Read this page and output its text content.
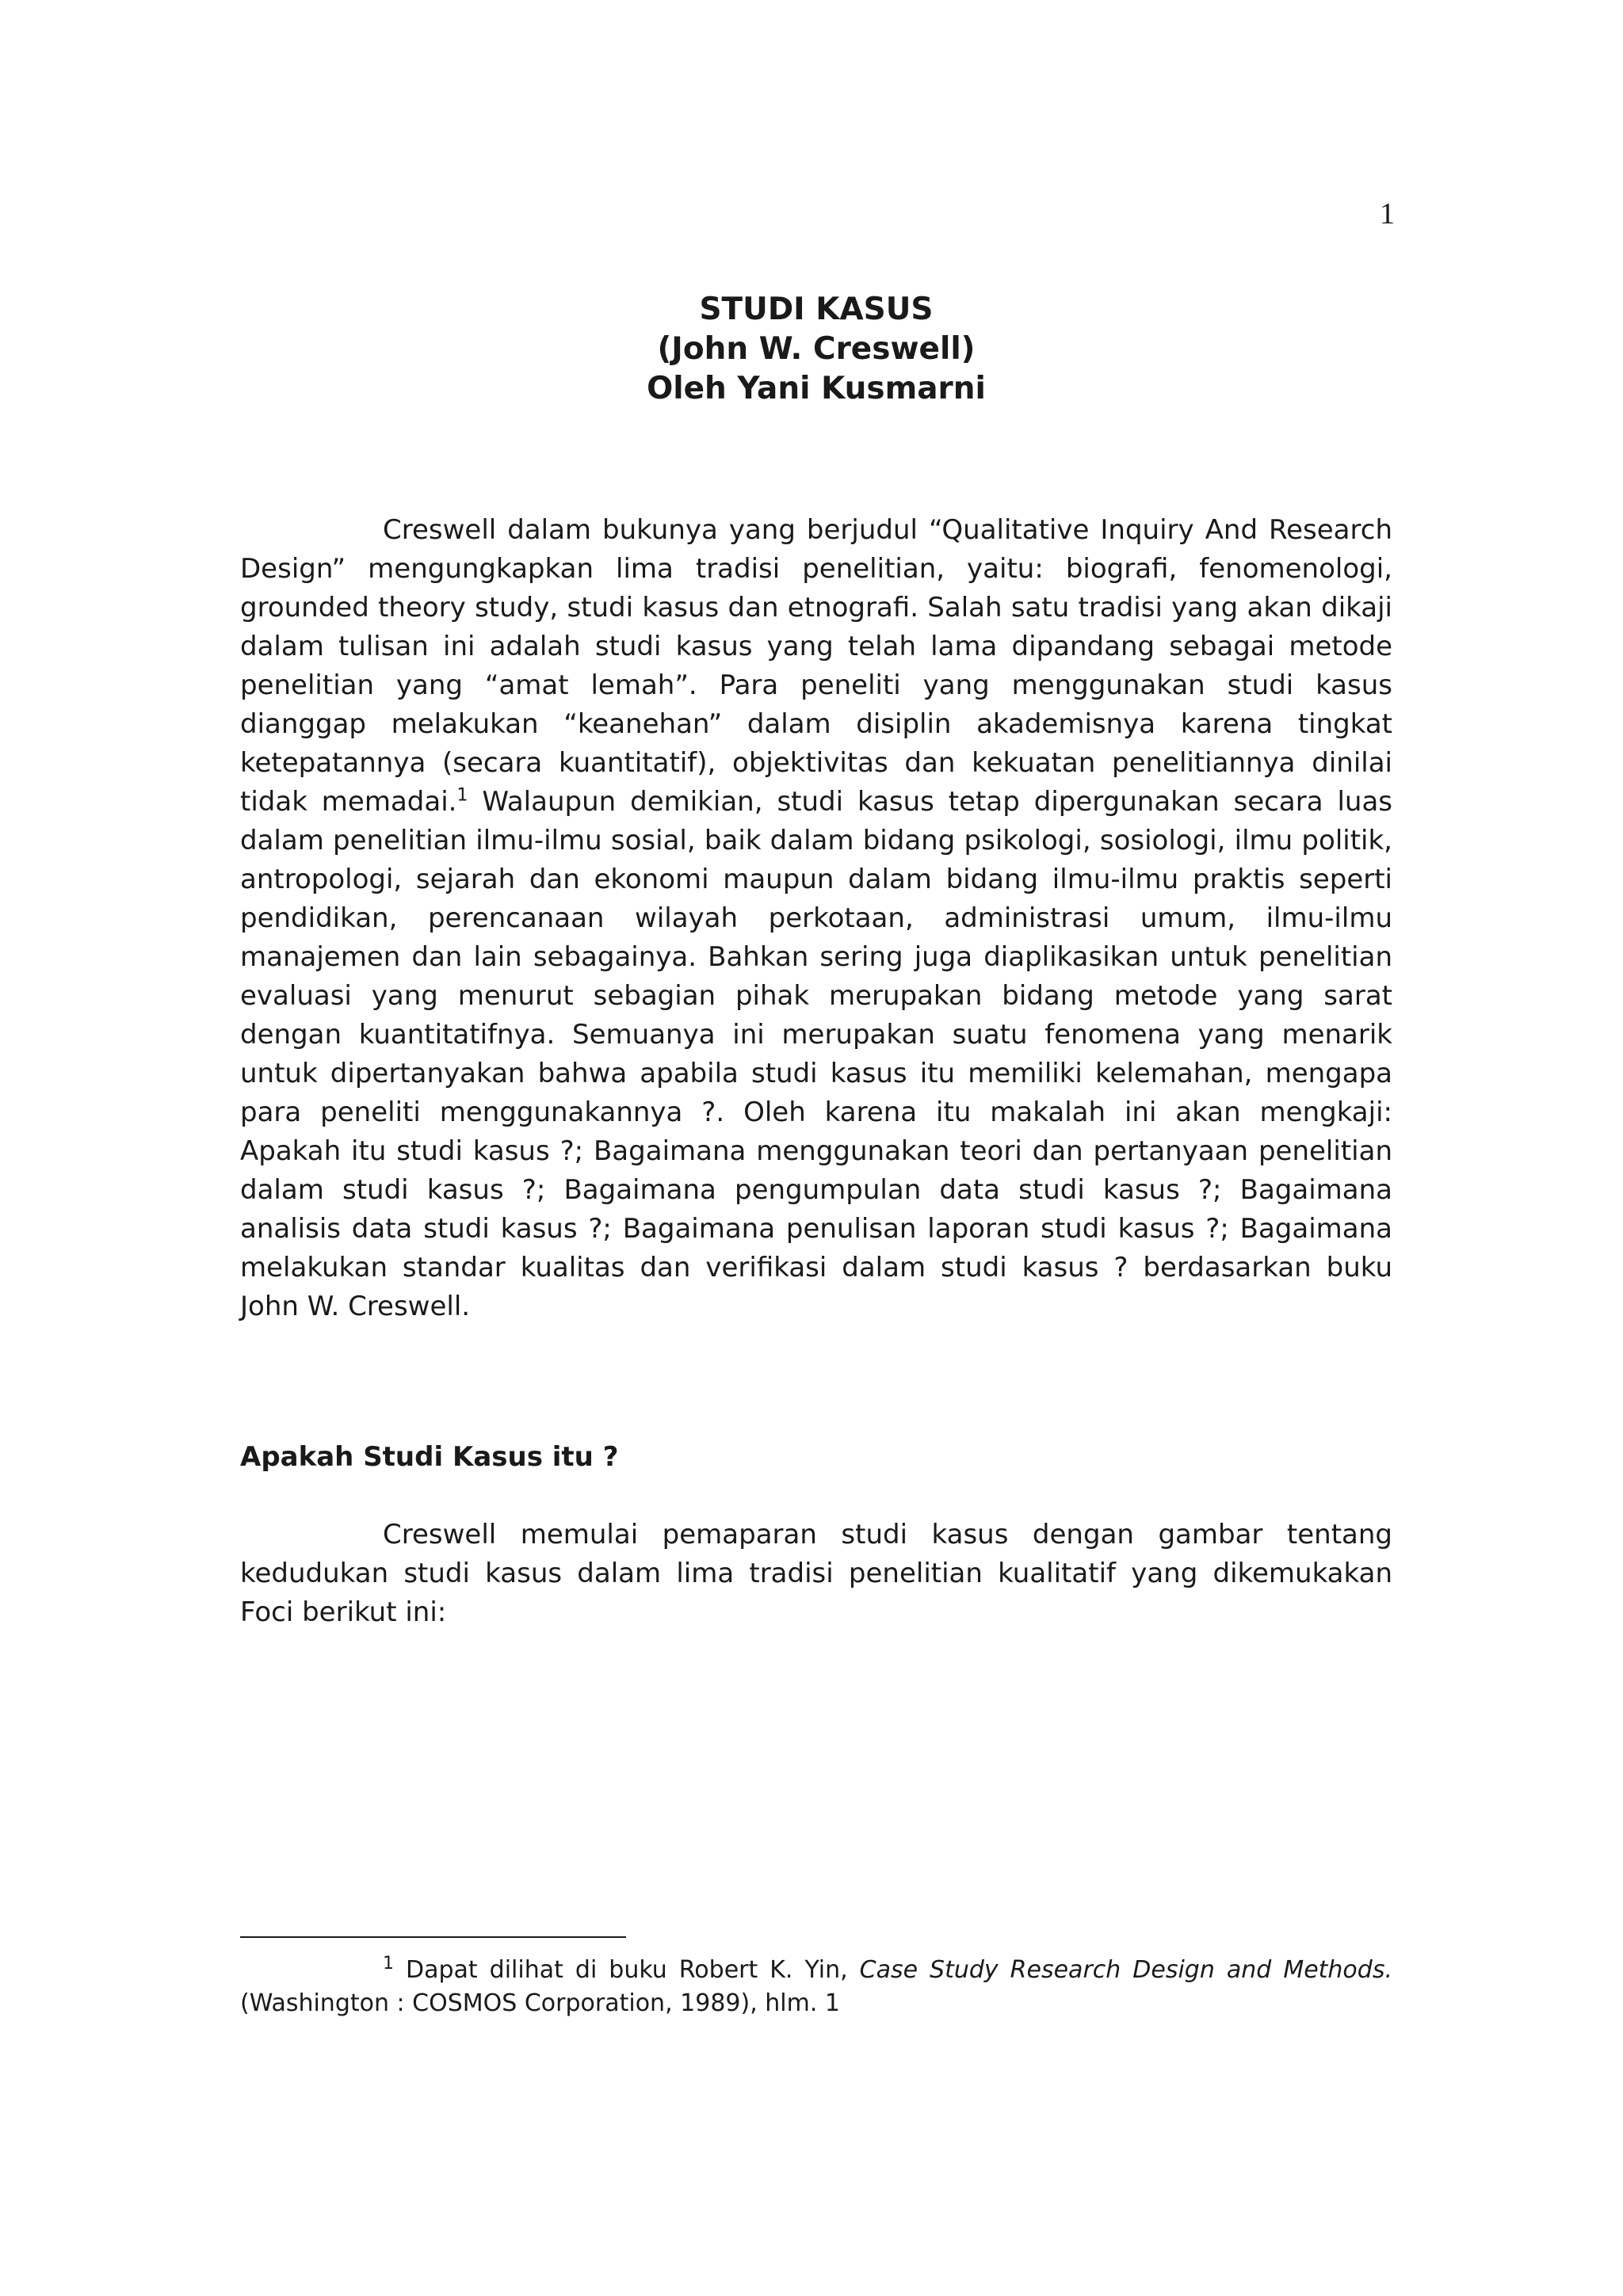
1
STUDI KASUS
(John W. Creswell)
Oleh Yani Kusmarni

Creswell dalam bukunya yang berjudul “Qualitative Inquiry And Research Design” mengungkapkan lima tradisi penelitian, yaitu: biografi, fenomenologi, grounded theory study, studi kasus dan etnografi. Salah satu tradisi yang akan dikaji dalam tulisan ini adalah studi kasus yang telah lama dipandang sebagai metode penelitian yang “amat lemah”. Para peneliti yang menggunakan studi kasus dianggap melakukan “keanehan” dalam disiplin akademisnya karena tingkat ketepatannya (secara kuantitatif), objektivitas dan kekuatan penelitiannya dinilai tidak memadai.$^1$ Walaupun demikian, studi kasus tetap dipergunakan secara luas dalam penelitian ilmu-ilmu sosial, baik dalam bidang psikologi, sosiologi, ilmu politik, antropologi, sejarah dan ekonomi maupun dalam bidang ilmu-ilmu praktis seperti pendidikan, perencanaan wilayah perkotaan, administrasi umum, ilmu-ilmu manajemen dan lain sebagainya. Bahkan sering juga diaplikasikan untuk penelitian evaluasi yang menurut sebagian pihak merupakan bidang metode yang sarat dengan kuantitatifnya. Semuanya ini merupakan suatu fenomena yang menarik untuk dipertanyakan bahwa apabila studi kasus itu memiliki kelemahan, mengapa para peneliti menggunakannya ?. Oleh karena itu makalah ini akan mengkaji: Apakah itu studi kasus ?; Bagaimana menggunakan teori dan pertanyaan penelitian dalam studi kasus ?; Bagaimana pengumpulan data studi kasus ?; Bagaimana analisis data studi kasus ?; Bagaimana penulisan laporan studi kasus ?; Bagaimana melakukan standar kualitas dan verifikasi dalam studi kasus ? berdasarkan buku John W. Creswell.

Apakah Studi Kasus itu ?

Creswell memulai pemaparan studi kasus dengan gambar tentang kedudukan studi kasus dalam lima tradisi penelitian kualitatif yang dikemukakan Foci berikut ini:

$^1$ Dapat dilihat di buku Robert K. Yin, Case Study Research Design and Methods. (Washington : COSMOS Corporation, 1989), hlm. 1
